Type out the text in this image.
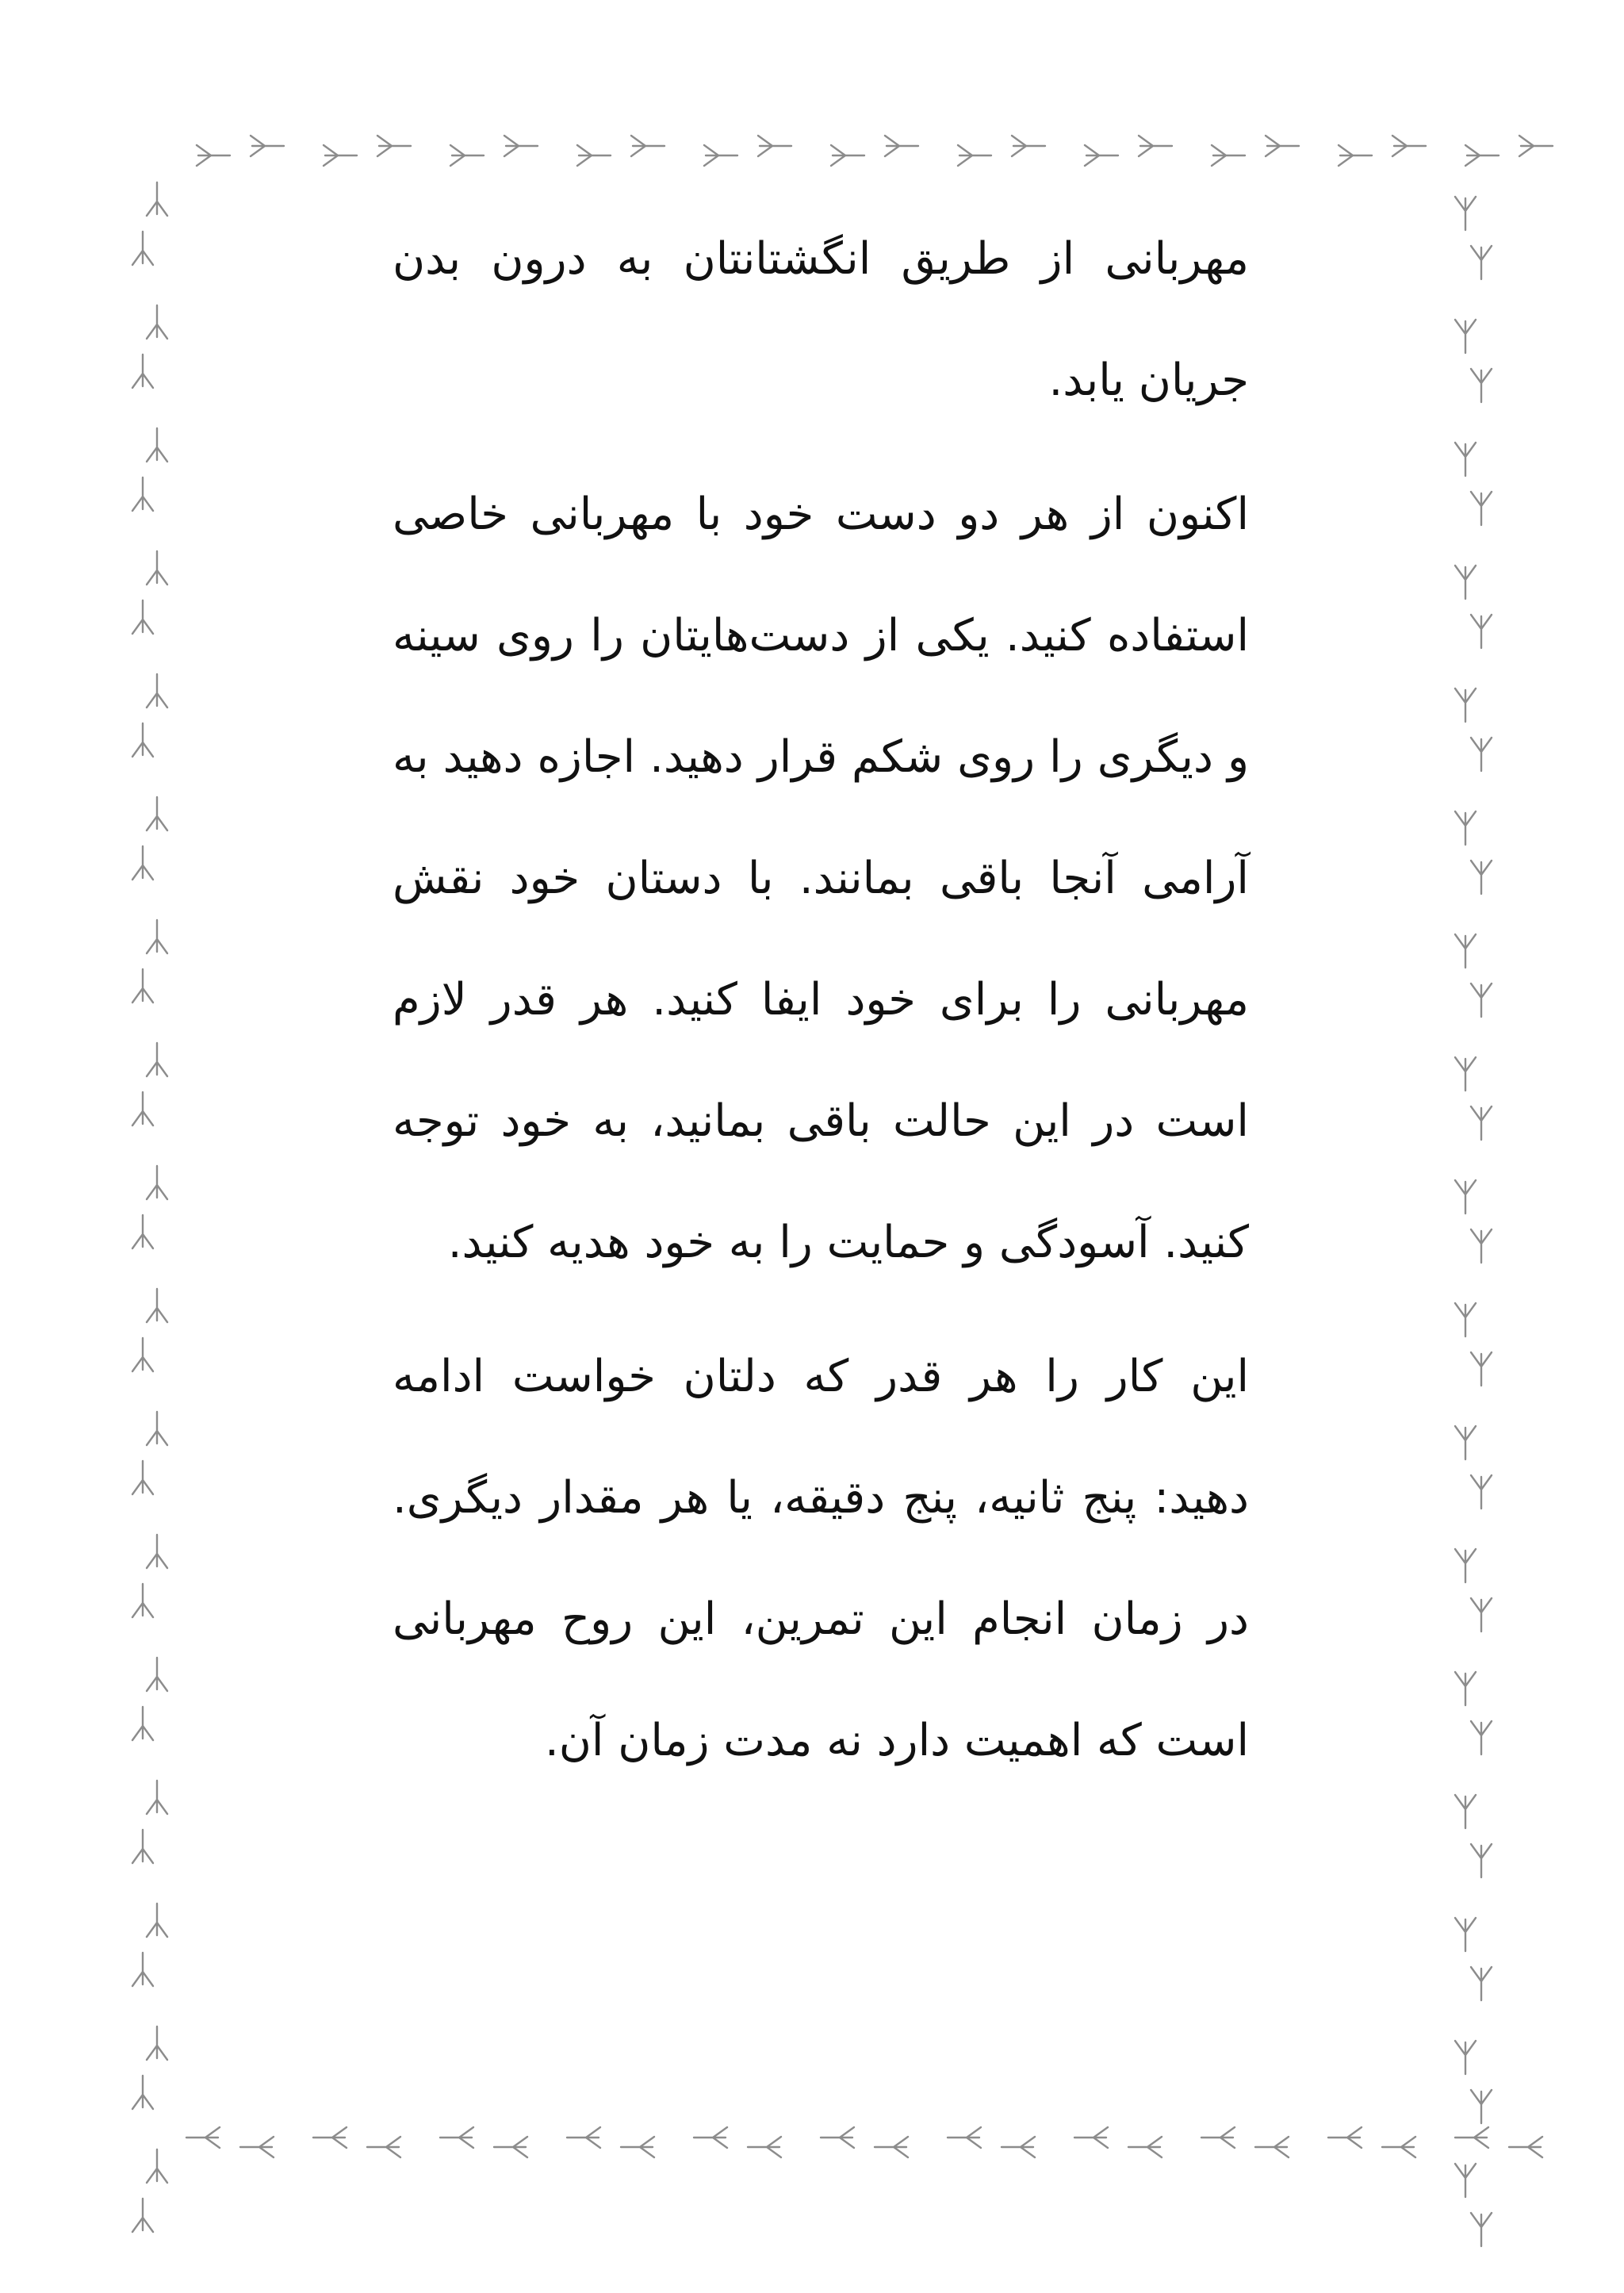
مهربانی از طریق انگشتانتان به درون بدن جریان یابد.

اکنون از هر دو دست خود با مهربانی خاصی استفاده کنید. یکی از دست‌هایتان را روی سینه و دیگری را روی شکم قرار دهید. اجازه دهید به آرامی آنجا باقی بمانند. با دستان خود نقش مهربانی را برای خود ایفا کنید. هر قدر لازم است در این حالت باقی بمانید، به خود توجه کنید. آسودگی و حمایت را به خود هدیه کنید.

این کار را هر قدر که دلتان خواست ادامه دهید: پنج ثانیه، پنج دقیقه، یا هر مقدار دیگری. در زمان انجام این تمرین، این روح مهربانی است که اهمیت دارد نه مدت زمان آن.
